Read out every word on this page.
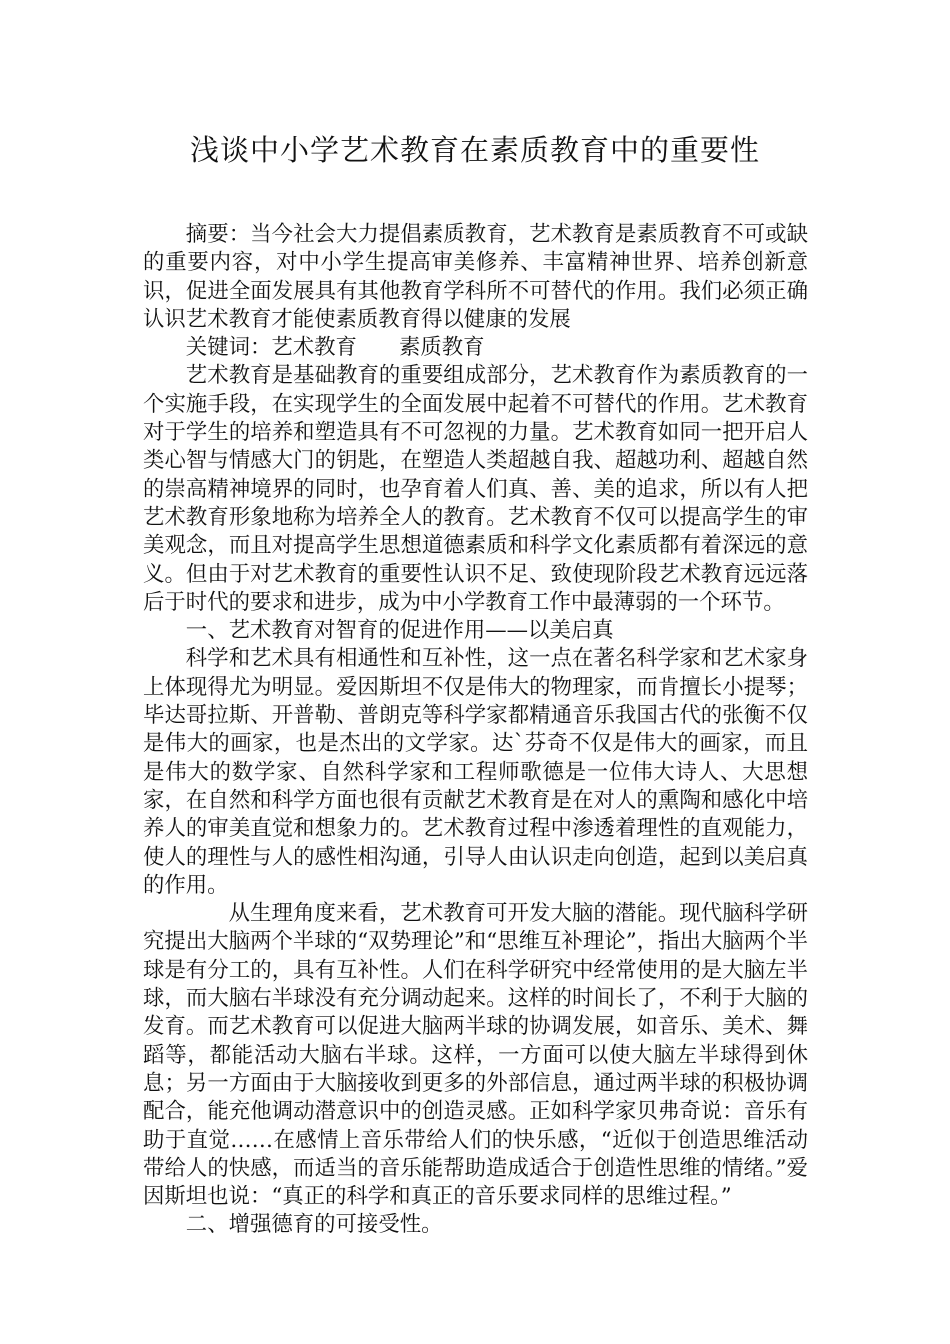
浅谈中小学艺术教育在素质教育中的重要性

摘要：当今社会大力提倡素质教育，艺术教育是素质教育不可或缺的重要内容，对中小学生提高审美修养、丰富精神世界、培养创新意识，促进全面发展具有其他教育学科所不可替代的作用。我们必须正确认识艺术教育才能使素质教育得以健康的发展

关键词：艺术教育 素质教育

艺术教育是基础教育的重要组成部分，艺术教育作为素质教育的一个实施手段，在实现学生的全面发展中起着不可替代的作用。艺术教育对于学生的培养和塑造具有不可忽视的力量。艺术教育如同一把开启人类心智与情感大门的钥匙，在塑造人类超越自我、超越功利、超越自然的崇高精神境界的同时，也孕育着人们真、善、美的追求，所以有人把艺术教育形象地称为培养全人的教育。艺术教育不仅可以提高学生的审美观念，而且对提高学生思想道德素质和科学文化素质都有着深远的意义。但由于对艺术教育的重要性认识不足、致使现阶段艺术教育远远落后于时代的要求和进步，成为中小学教育工作中最薄弱的一个环节。

一、艺术教育对智育的促进作用——以美启真

科学和艺术具有相通性和互补性，这一点在著名科学家和艺术家身上体现得尤为明显。爱因斯坦不仅是伟大的物理家，而肯擅长小提琴；毕达哥拉斯、开普勒、普朗克等科学家都精通音乐我国古代的张衡不仅是伟大的画家，也是杰出的文学家。达`芬奇不仅是伟大的画家，而且是伟大的数学家、自然科学家和工程师歌德是一位伟大诗人、大思想家，在自然和科学方面也很有贡献艺术教育是在对人的熏陶和感化中培养人的审美直觉和想象力的。艺术教育过程中渗透着理性的直观能力，使人的理性与人的感性相沟通，引导人由认识走向创造，起到以美启真的作用。

从生理角度来看，艺术教育可开发大脑的潜能。现代脑科学研究提出大脑两个半球的“双势理论”和“思维互补理论”，指出大脑两个半球是有分工的，具有互补性。人们在科学研究中经常使用的是大脑左半球，而大脑右半球没有充分调动起来。这样的时间长了，不利于大脑的发育。而艺术教育可以促进大脑两半球的协调发展，如音乐、美术、舞蹈等，都能活动大脑右半球。这样，一方面可以使大脑左半球得到休息；另一方面由于大脑接收到更多的外部信息，通过两半球的积极协调配合，能充他调动潜意识中的创造灵感。正如科学家贝弗奇说：音乐有助于直觉……在感情上音乐带给人们的快乐感，“近似于创造思维活动带给人的快感，而适当的音乐能帮助造成适合于创造性思维的情绪。”爱因斯坦也说：“真正的科学和真正的音乐要求同样的思维过程。”

二、增强德育的可接受性。
